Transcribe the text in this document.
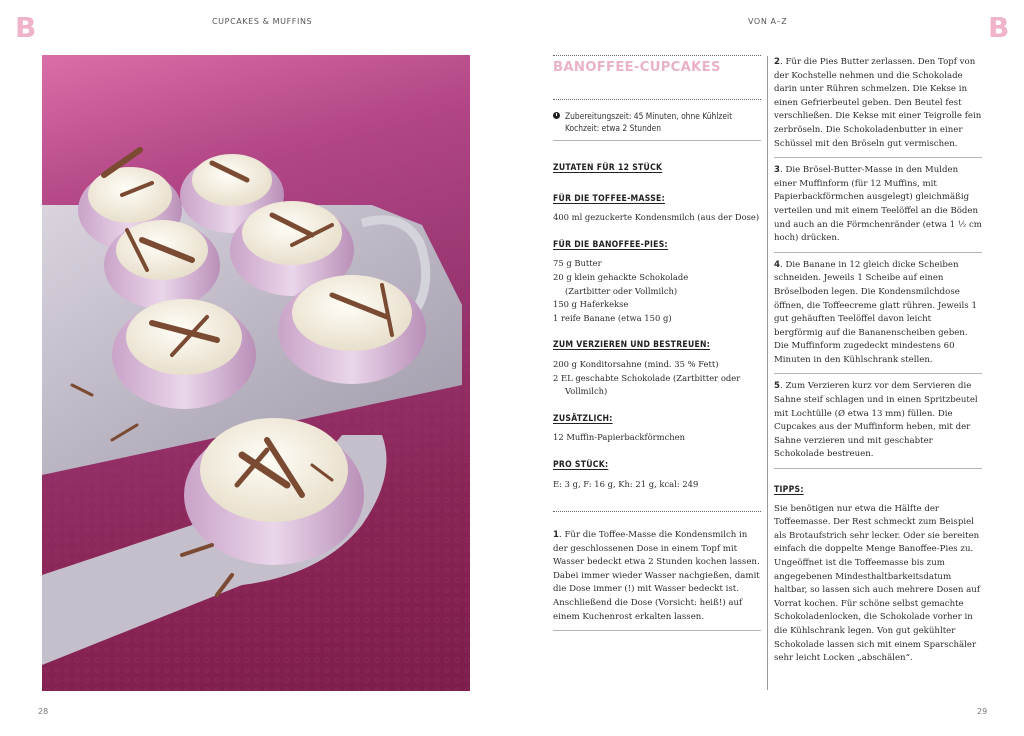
B	CUPCAKES & MUFFINS	VON A–Z	B
BANOFFEE-CUPCAKES
Zubereitungszeit: 45 Minuten, ohne Kühlzeit
Kochzeit: etwa 2 Stunden
ZUTATEN FÜR 12 STÜCK
FÜR DIE TOFFEE-MASSE:
400 ml gezuckerte Kondensmilch (aus der Dose)
FÜR DIE BANOFFEE-PIES:
75 g Butter
20 g klein gehackte Schokolade
(Zartbitter oder Vollmilch)
150 g Haferkekse
1 reife Banane (etwa 150 g)
ZUM VERZIEREN UND BESTREUEN:
200 g Konditorsahne (mind. 35 % Fett)
2 EL geschabte Schokolade (Zartbitter oder
Vollmilch)
ZUSÄTZLICH:
12 Muffin-Papierbackförmchen
PRO STÜCK:
E: 3 g, F: 16 g, Kh: 21 g, kcal: 249
1. Für die Toffee-Masse die Kondensmilch in der geschlossenen Dose in einem Topf mit Wasser bedeckt etwa 2 Stunden kochen lassen. Dabei immer wieder Wasser nachgießen, damit die Dose immer (!) mit Wasser bedeckt ist. Anschließend die Dose (Vorsicht: heiß!) auf einem Kuchenrost erkalten lassen.
2. Für die Pies Butter zerlassen. Den Topf von der Kochstelle nehmen und die Schokolade darin unter Rühren schmelzen. Die Kekse in einen Gefrierbeutel geben. Den Beutel fest verschließen. Die Kekse mit einer Teigrolle fein zerbröseln. Die Schokoladenbutter in einer Schüssel mit den Bröseln gut vermischen.
3. Die Brösel-Butter-Masse in den Mulden einer Muffinform (für 12 Muffins, mit Papierbackförmchen ausgelegt) gleichmäßig verteilen und mit einem Teelöffel an die Böden und auch an die Förmchenränder (etwa 1 ½ cm hoch) drücken.
4. Die Banane in 12 gleich dicke Scheiben schneiden. Jeweils 1 Scheibe auf einen Bröselboden legen. Die Kondensmilchdose öffnen, die Toffeecreme glatt rühren. Jeweils 1 gut gehäuften Teelöffel davon leicht bergförmig auf die Bananenscheiben geben. Die Muffinform zugedeckt mindestens 60 Minuten in den Kühlschrank stellen.
5. Zum Verzieren kurz vor dem Servieren die Sahne steif schlagen und in einen Spritzbeutel mit Lochtülle (Ø etwa 13 mm) füllen. Die Cupcakes aus der Muffinform heben, mit der Sahne verzieren und mit geschabter Schokolade bestreuen.
TIPPS:
Sie benötigen nur etwa die Hälfte der Toffeemasse. Der Rest schmeckt zum Beispiel als Brotaufstrich sehr lecker. Oder sie bereiten einfach die doppelte Menge Banoffee-Pies zu. Ungeöffnet ist die Toffeemasse bis zum angegebenen Mindesthaltbarkeitsdatum haltbar, so lassen sich auch mehrere Dosen auf Vorrat kochen. Für schöne selbst gemachte Schokoladenlocken, die Schokolade vorher in die Kühlschrank legen. Von gut gekühlter Schokolade lassen sich mit einem Sparschäler sehr leicht Locken „abschälen“.
28	29
